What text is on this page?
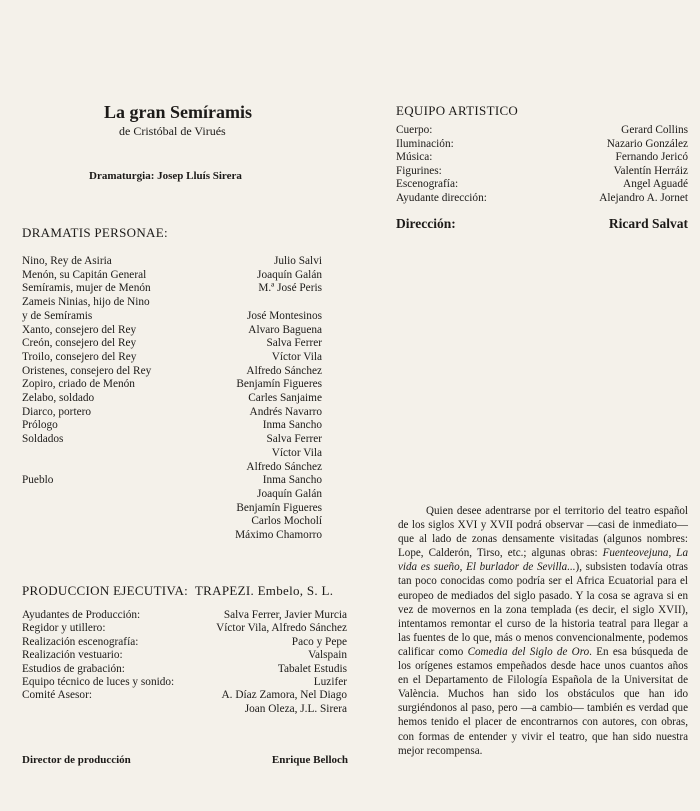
La gran Semíramis
de Cristóbal de Virués
Dramaturgia: Josep Lluís Sirera
DRAMATIS PERSONAE:
Nino, Rey de Asiria	Julio Salvi
Menón, su Capitán General	Joaquín Galán
Semíramis, mujer de Menón	M.ª José Peris
Zameis Ninias, hijo de Nino
y de Semíramis	José Montesinos
Xanto, consejero del Rey	Alvaro Baguena
Creón, consejero del Rey	Salva Ferrer
Troilo, consejero del Rey	Víctor Vila
Oristenes, consejero del Rey	Alfredo Sánchez
Zopiro, criado de Menón	Benjamín Figueres
Zelabo, soldado	Carles Sanjaime
Diarco, portero	Andrés Navarro
Prólogo	Inma Sancho
Soldados	Salva Ferrer
Víctor Vila
Alfredo Sánchez
Pueblo	Inma Sancho
Joaquín Galán
Benjamín Figueres
Carlos Mocholí
Máximo Chamorro
PRODUCCION EJECUTIVA: TRAPEZI. Embelo, S. L.
Ayudantes de Producción:	Salva Ferrer, Javier Murcia
Regidor y utillero:	Víctor Vila, Alfredo Sánchez
Realización escenografía:	Paco y Pepe
Realización vestuario:	Valspain
Estudios de grabación:	Tabalet Estudis
Equipo técnico de luces y sonido:	Luzifer
Comité Asesor:	A. Díaz Zamora, Nel Diago
Joan Oleza, J.L. Sirera
Director de producción	Enrique Belloch
EQUIPO ARTISTICO
Cuerpo:	Gerard Collins
Iluminación:	Nazario González
Música:	Fernando Jericó
Figurines:	Valentín Herráiz
Escenografía:	Angel Aguadé
Ayudante dirección:	Alejandro A. Jornet
Dirección:	Ricard Salvat

Quien desee adentrarse por el territorio del teatro español de los siglos XVI y XVII podrá observar —casi de inmediato— que al lado de zonas densamente visitadas (algunos nombres: Lope, Calderón, Tirso, etc.; algunas obras: Fuenteovejuna, La vida es sueño, El burlador de Sevilla...), subsisten todavía otras tan poco conocidas como podría ser el Africa Ecuatorial para el europeo de mediados del siglo pasado. Y la cosa se agrava si en vez de movernos en la zona templada (es decir, el siglo XVII), intentamos remontar el curso de la historia teatral para llegar a las fuentes de lo que, más o menos convencionalmente, podemos calificar como Comedia del Siglo de Oro. En esa búsqueda de los orígenes estamos empeñados desde hace unos cuantos años en el Departamento de Filología Española de la Universitat de València. Muchos han sido los obstáculos que han ido surgiéndonos al paso, pero —a cambio— también es verdad que hemos tenido el placer de encontrarnos con autores, con obras, con formas de entender y vivir el teatro, que han sido nuestra mejor recompensa.
